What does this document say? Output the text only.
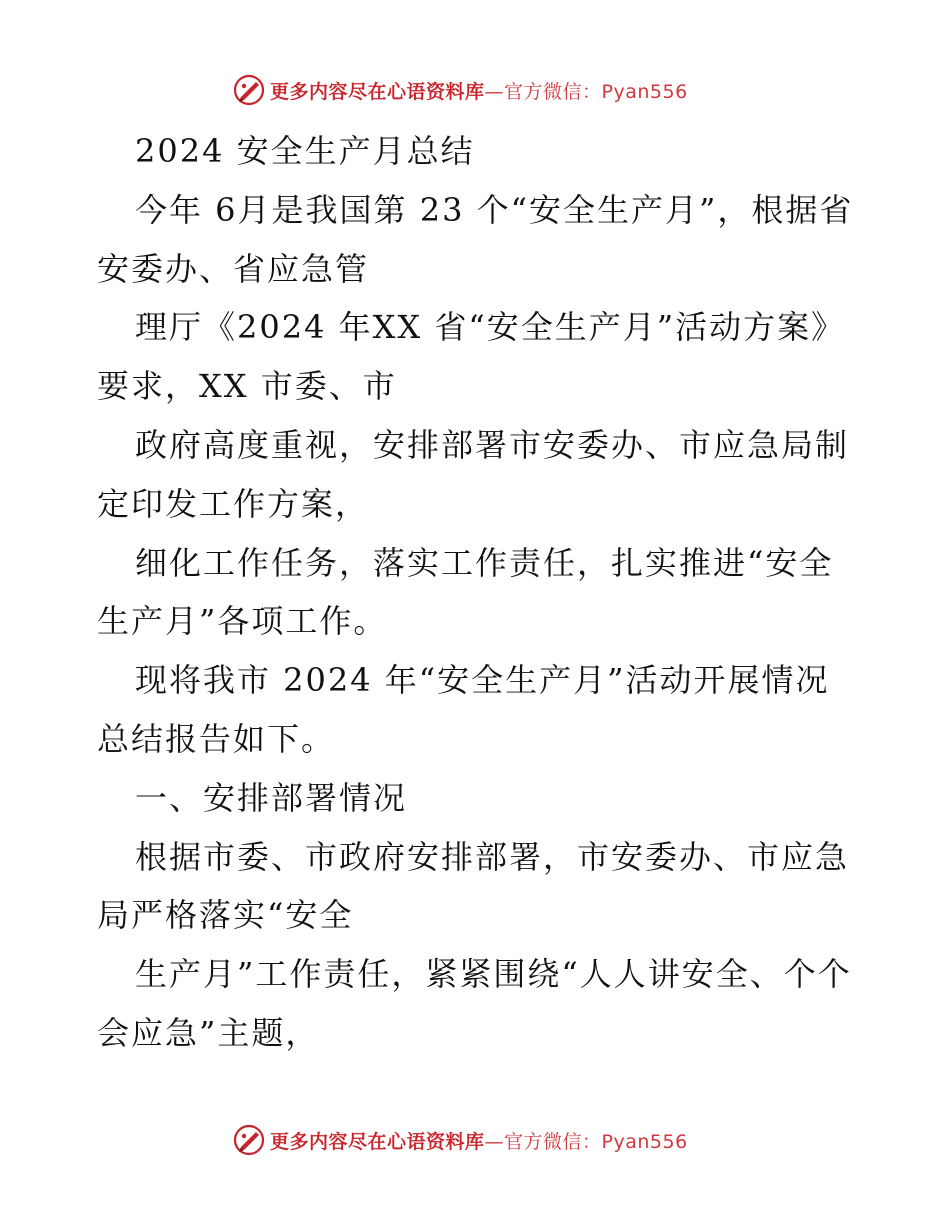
更多内容尽在心语资料库 —官方微信：Pyan556

2024 安全生产月总结

今年 6月是我国第 23 个“安全生产月”，根据省安委办、省应急管

理厅《2024 年XX 省“安全生产月”活动方案》要求，XX 市委、市

政府高度重视，安排部署市安委办、市应急局制定印发工作方案，

细化工作任务，落实工作责任，扎实推进“安全生产月”各项工作。

现将我市 2024 年“安全生产月”活动开展情况总结报告如下。

一、安排部署情况

根据市委、市政府安排部署，市安委办、市应急局严格落实“安全

生产月”工作责任，紧紧围绕“人人讲安全、个个会应急”主题，

更多内容尽在心语资料库 —官方微信：Pyan556
